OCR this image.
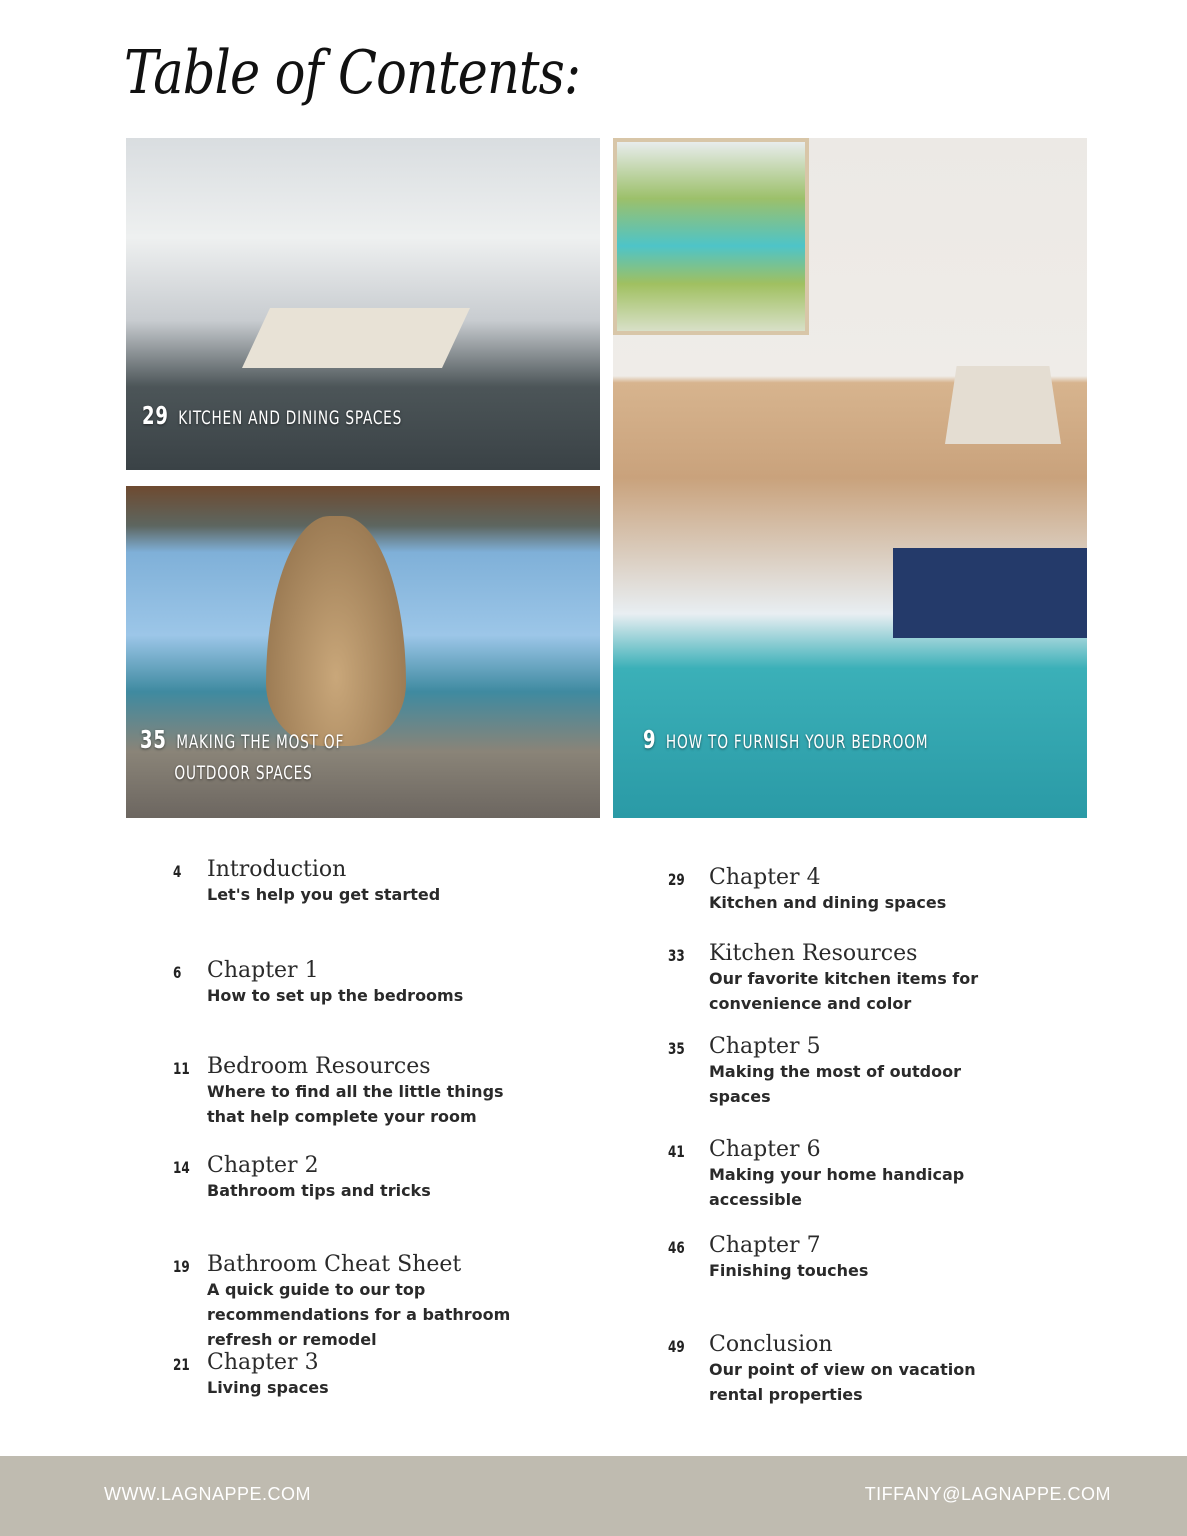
Table of Contents:
29 KITCHEN AND DINING SPACES
35 MAKING THE MOST OF
OUTDOOR SPACES
9 HOW TO FURNISH YOUR BEDROOM
4 Introduction
Let's help you get started
6 Chapter 1
How to set up the bedrooms
11 Bedroom Resources
Where to find all the little things
that help complete your room
14 Chapter 2
Bathroom tips and tricks
19 Bathroom Cheat Sheet
A quick guide to our top
recommendations for a bathroom
refresh or remodel
21 Chapter 3
Living spaces
29 Chapter 4
Kitchen and dining spaces
33 Kitchen Resources
Our favorite kitchen items for
convenience and color
35 Chapter 5
Making the most of outdoor
spaces
41 Chapter 6
Making your home handicap
accessible
46 Chapter 7
Finishing touches
49 Conclusion
Our point of view on vacation
rental properties
WWW.LAGNAPPE.COM	TIFFANY@LAGNAPPE.COM
